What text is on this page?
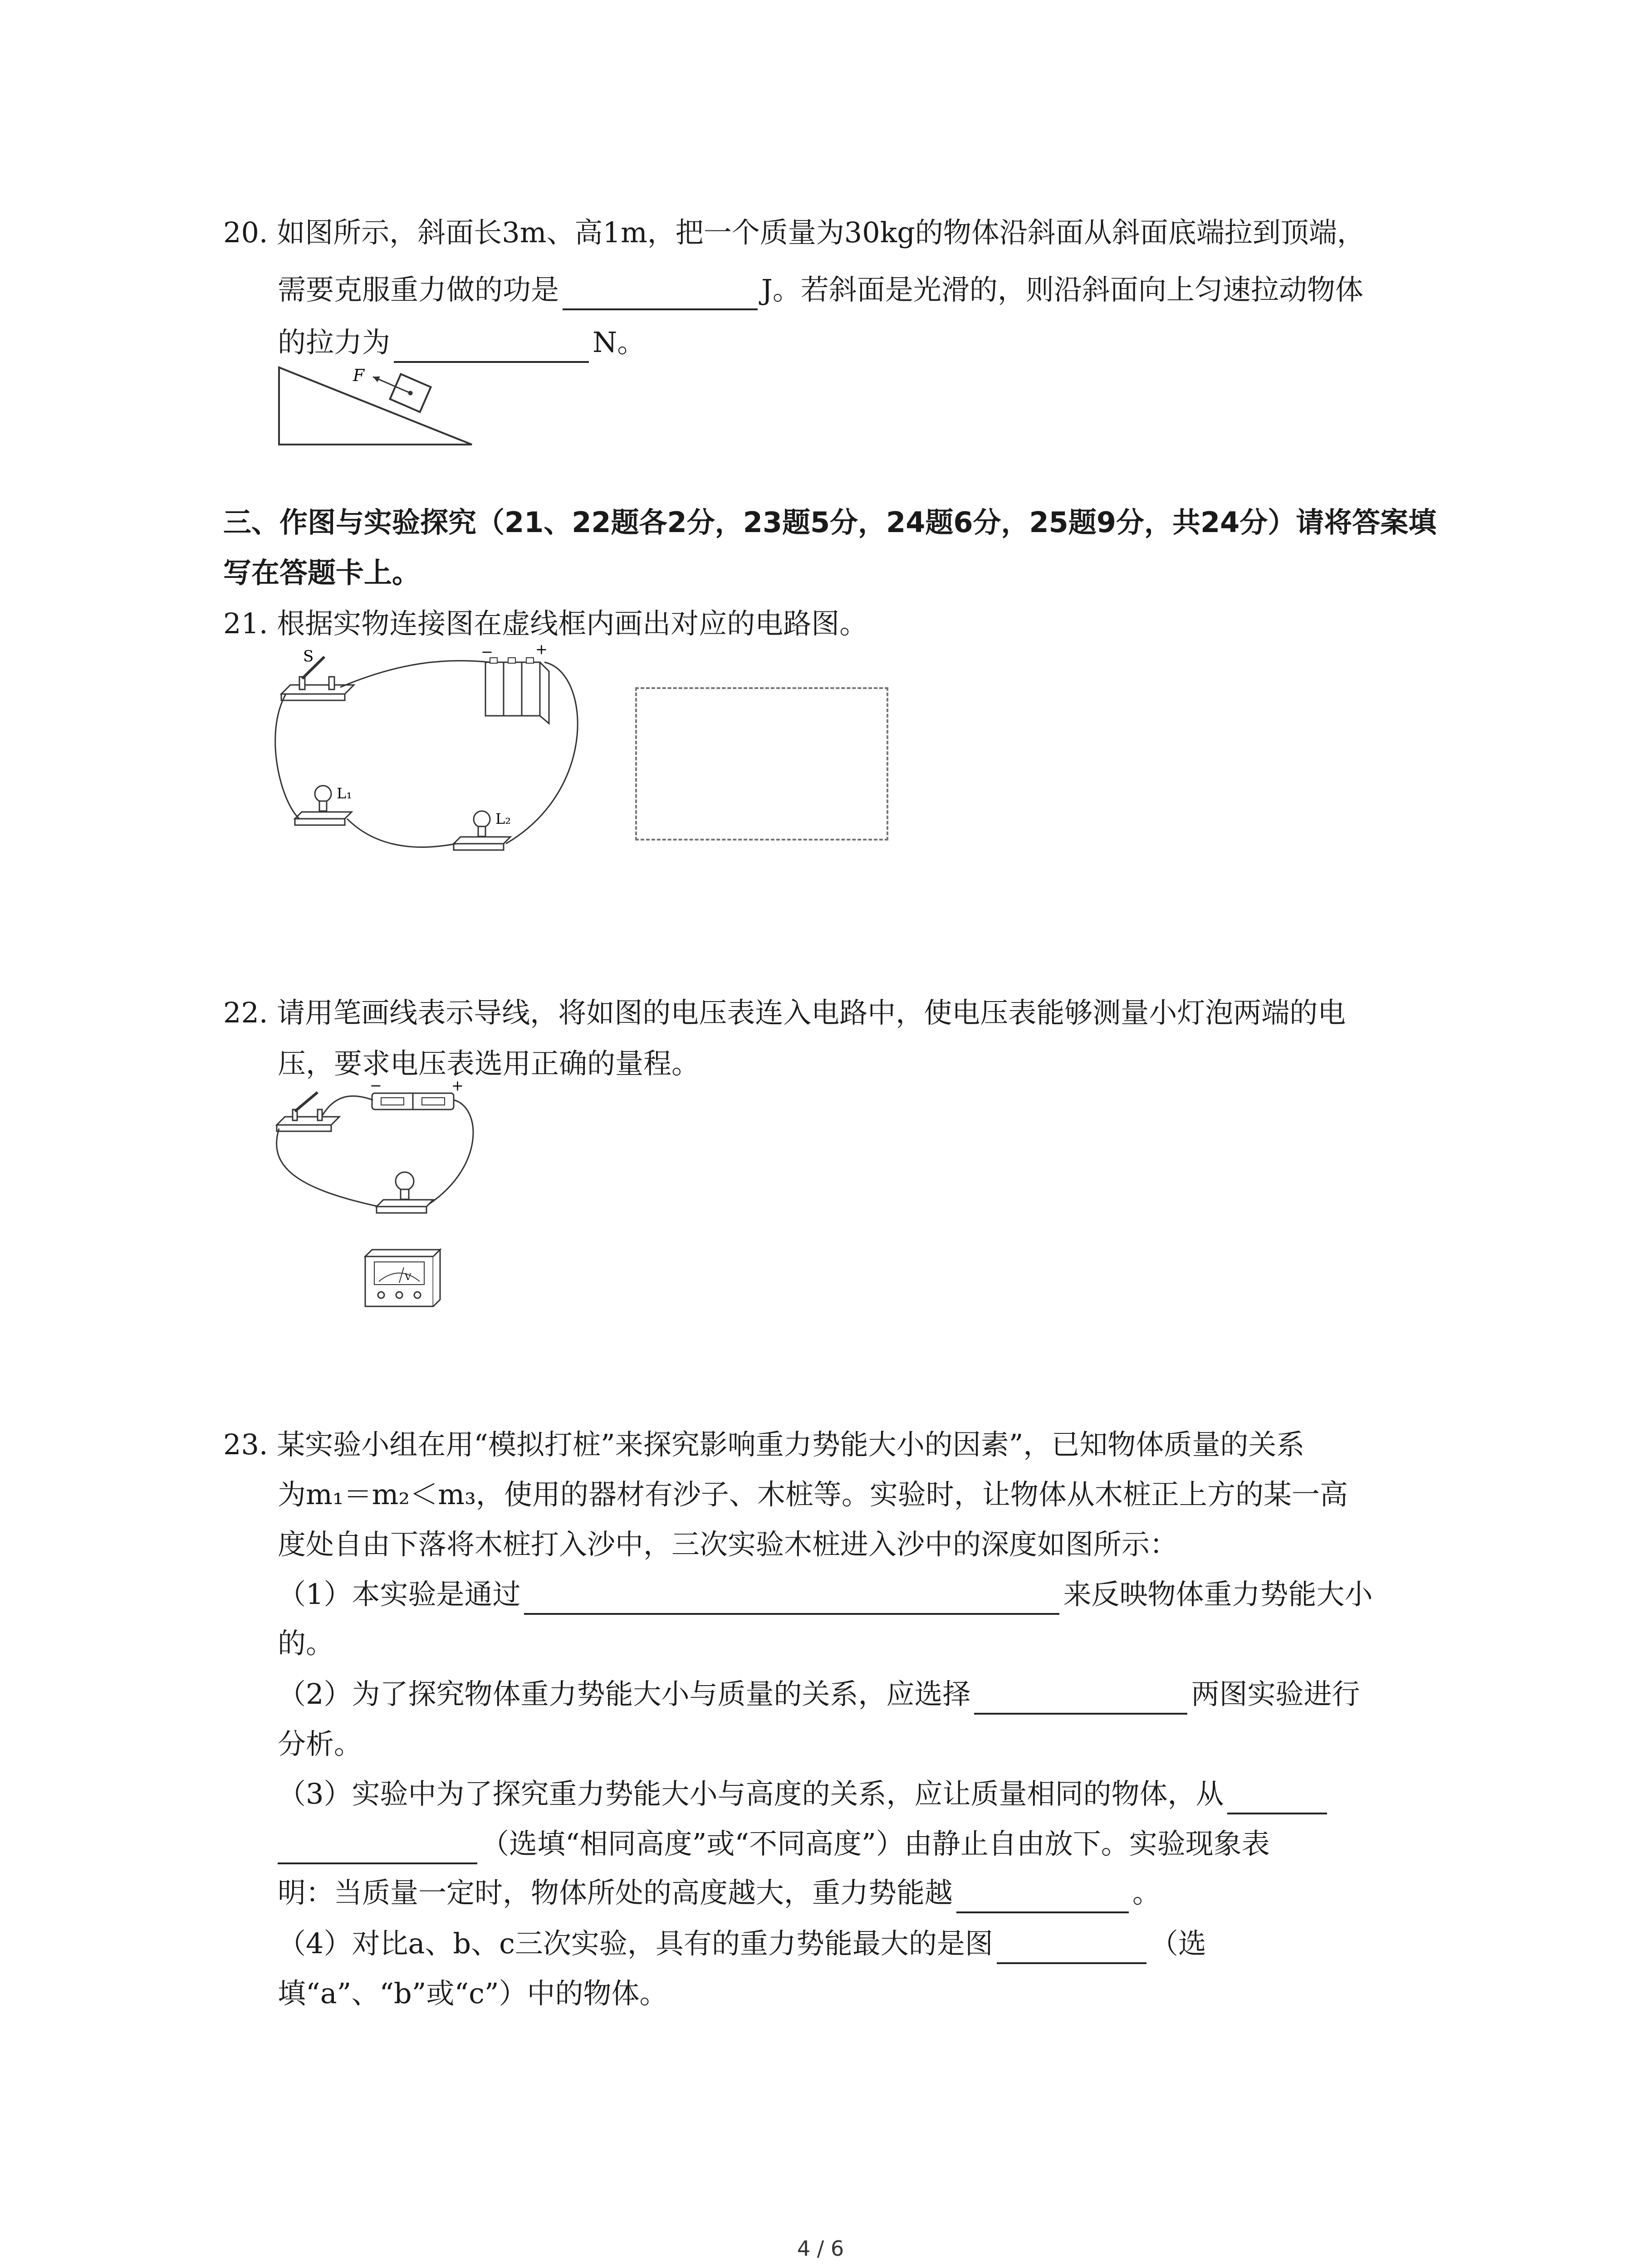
20. 如图所示，斜面长3m、高1m，把一个质量为30kg的物体沿斜面从斜面底端拉到顶端，
需要克服重力做的功是	J。若斜面是光滑的，则沿斜面向上匀速拉动物体
的拉力为	N。
F
三、作图与实验探究（21、22题各2分，23题5分，24题6分，25题9分，共24分）请将答案填
写在答题卡上。
21. 根据实物连接图在虚线框内画出对应的电路图。
S	−	+
L₁
L₂
22. 请用笔画线表示导线，将如图的电压表连入电路中，使电压表能够测量小灯泡两端的电
压，要求电压表选用正确的量程。
−	+
V
23. 某实验小组在用“模拟打桩”来探究影响重力势能大小的因素”，已知物体质量的关系
为m₁＝m₂＜m₃，使用的器材有沙子、木桩等。实验时，让物体从木桩正上方的某一高
度处自由下落将木桩打入沙中，三次实验木桩进入沙中的深度如图所示：
（1）本实验是通过	来反映物体重力势能大小
的。
（2）为了探究物体重力势能大小与质量的关系，应选择	两图实验进行
分析。
（3）实验中为了探究重力势能大小与高度的关系，应让质量相同的物体，从
（选填“相同高度”或“不同高度”）由静止自由放下。实验现象表
明：当质量一定时，物体所处的高度越大，重力势能越	。
（4）对比a、b、c三次实验，具有的重力势能最大的是图	（选
填“a”、“b”或“c”）中的物体。
4 / 6
